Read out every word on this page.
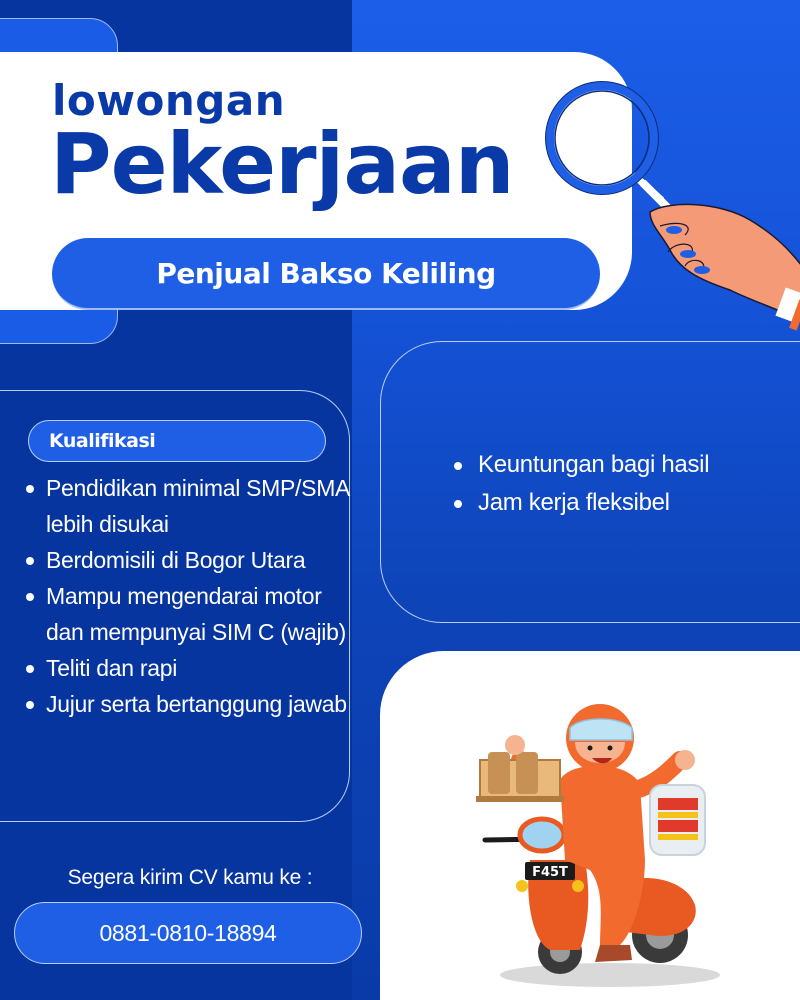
lowongan
Pekerjaan
Penjual Bakso Keliling
Kualifikasi
Pendidikan minimal SMP/SMA lebih disukai
Berdomisili di Bogor Utara
Mampu mengendarai motor dan mempunyai SIM C (wajib)
Teliti dan rapi
Jujur serta bertanggung jawab
Keuntungan bagi hasil
Jam kerja fleksibel
Segera kirim CV kamu ke :
0881-0810-18894
F45T
